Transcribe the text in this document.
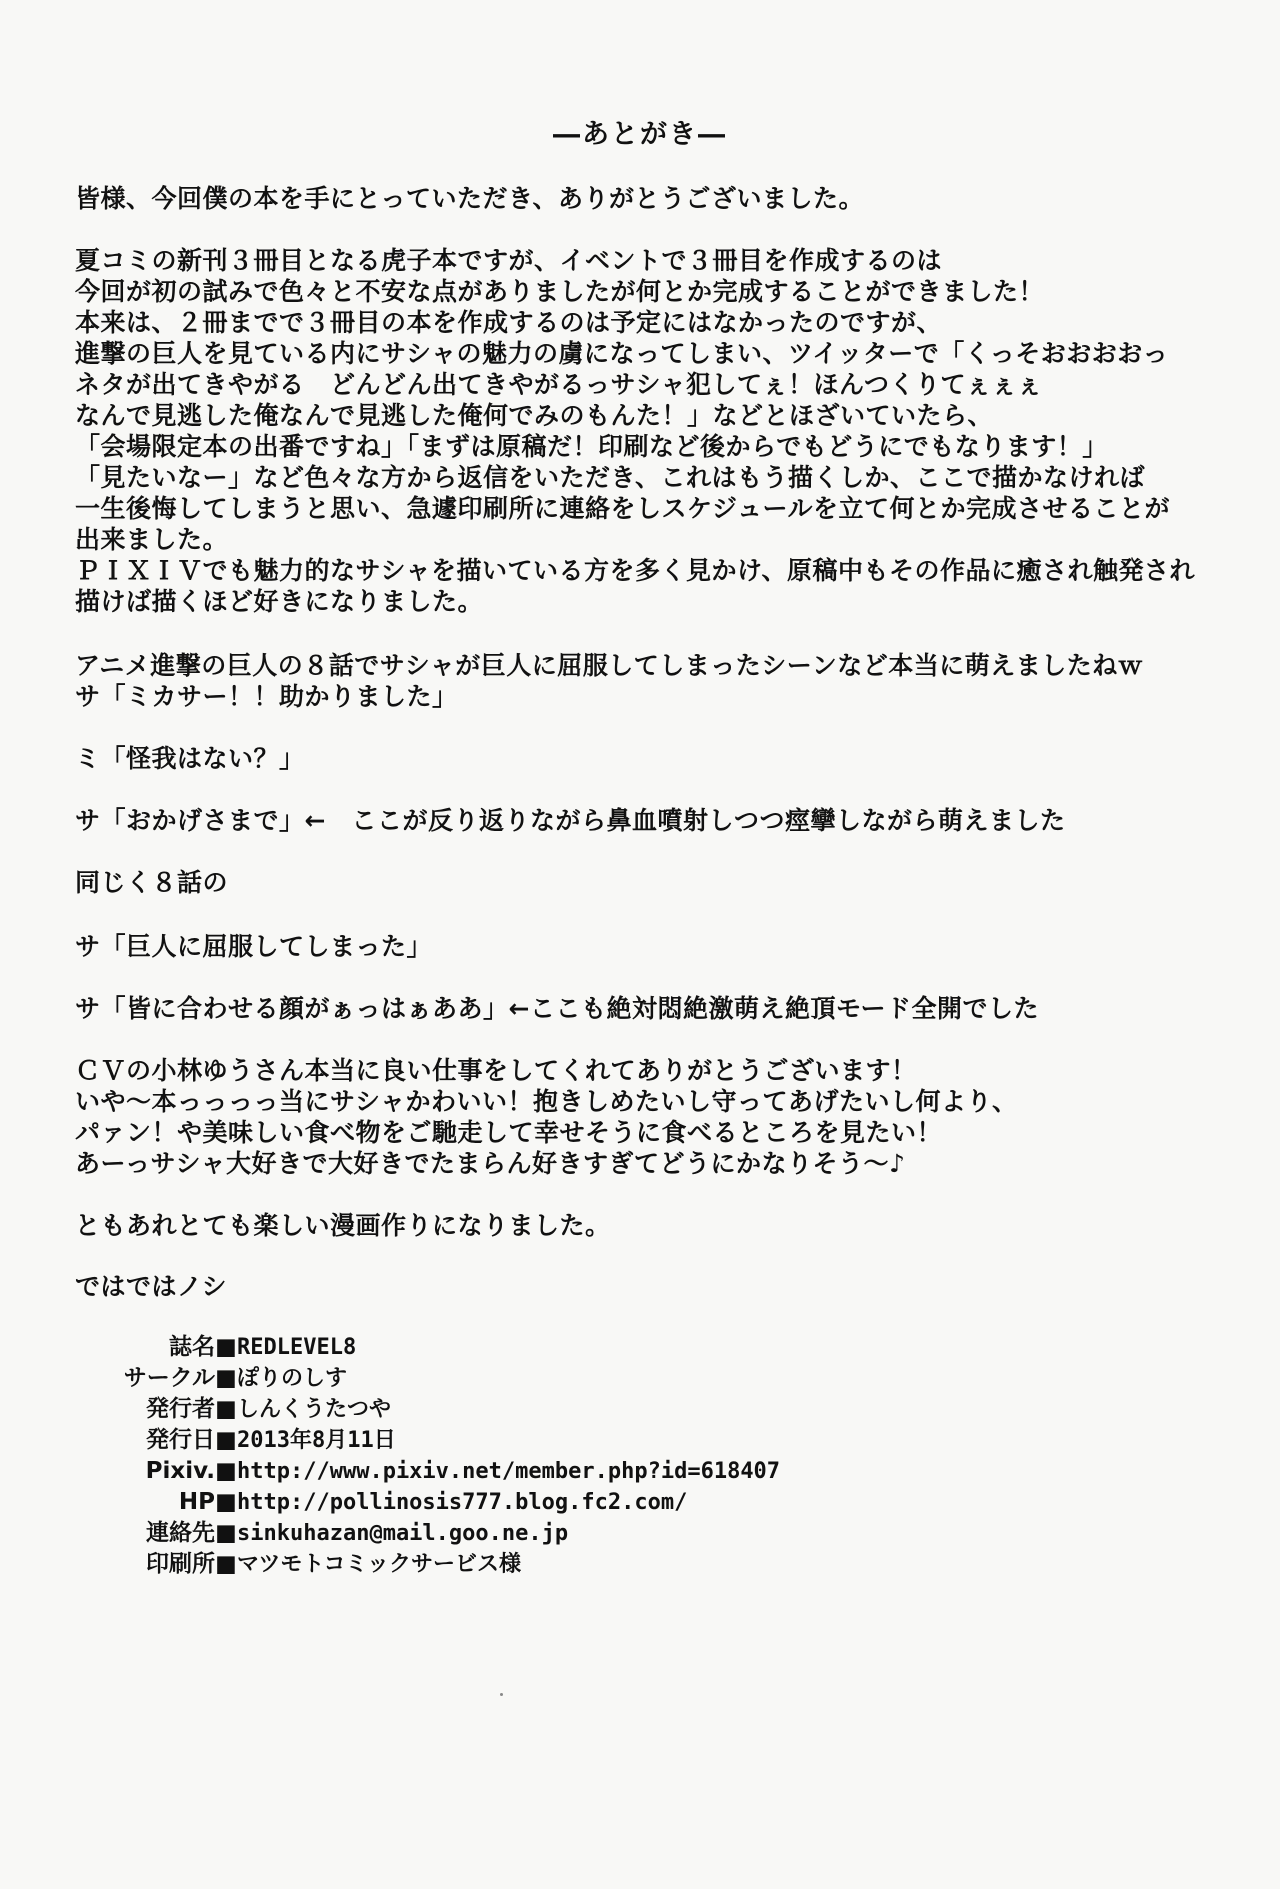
―あとがき―
皆様、今回僕の本を手にとっていただき、ありがとうございました。
夏コミの新刊３冊目となる虎子本ですが、イベントで３冊目を作成するのは
今回が初の試みで色々と不安な点がありましたが何とか完成することができました！
本来は、２冊までで３冊目の本を作成するのは予定にはなかったのですが、
進撃の巨人を見ている内にサシャの魅力の虜になってしまい、ツイッターで「くっそおおおおっ
ネタが出てきやがる　どんどん出てきやがるっサシャ犯してぇ！ほんつくりてぇぇぇ
なんで見逃した俺なんで見逃した俺何でみのもんた！」などとほざいていたら、
「会場限定本の出番ですね」「まずは原稿だ！印刷など後からでもどうにでもなります！」
「見たいなー」など色々な方から返信をいただき、これはもう描くしか、ここで描かなければ
一生後悔してしまうと思い、急遽印刷所に連絡をしスケジュールを立て何とか完成させることが
出来ました。
ＰＩＸＩＶでも魅力的なサシャを描いている方を多く見かけ、原稿中もその作品に癒され触発され
描けば描くほど好きになりました。
アニメ進撃の巨人の８話でサシャが巨人に屈服してしまったシーンなど本当に萌えましたねｗ
サ「ミカサー！！助かりました」
ミ「怪我はない？」
サ「おかげさまで」←　ここが反り返りながら鼻血噴射しつつ痙攣しながら萌えました
同じく８話の
サ「巨人に屈服してしまった」
サ「皆に合わせる顔がぁっはぁああ」←ここも絶対悶絶激萌え絶頂モード全開でした
ＣＶの小林ゆうさん本当に良い仕事をしてくれてありがとうございます！
いや～本っっっっ当にサシャかわいい！抱きしめたいし守ってあげたいし何より、
パァン！や美味しい食べ物をご馳走して幸せそうに食べるところを見たい！
あーっサシャ大好きで大好きでたまらん好きすぎてどうにかなりそう～♪
ともあれとても楽しい漫画作りになりました。
ではではノシ
誌名 ■ REDLEVEL8
サークル ■ ぽりのしす
発行者 ■ しんくうたつや
発行日 ■ 2013年8月11日
Pixiv. ■ http://www.pixiv.net/member.php?id=618407
HP ■ http://pollinosis777.blog.fc2.com/
連絡先 ■ sinkuhazan@mail.goo.ne.jp
印刷所 ■ マツモトコミックサービス様
